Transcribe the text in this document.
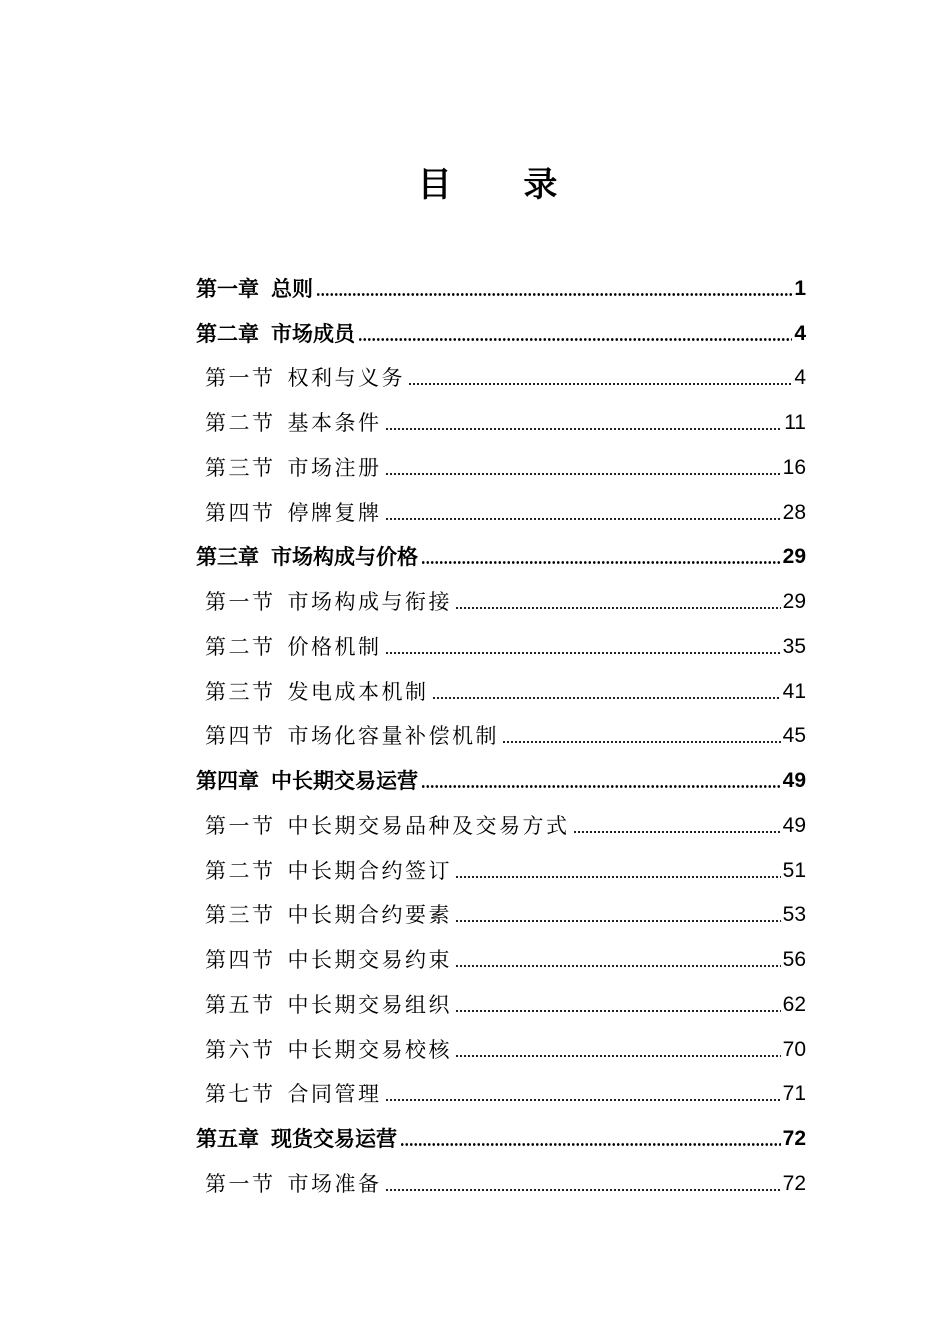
目 录
第一章 总则	1
第二章 市场成员	4
第一节 权利与义务	4
第二节 基本条件	11
第三节 市场注册	16
第四节 停牌复牌	28
第三章 市场构成与价格	29
第一节 市场构成与衔接	29
第二节 价格机制	35
第三节 发电成本机制	41
第四节 市场化容量补偿机制	45
第四章 中长期交易运营	49
第一节 中长期交易品种及交易方式	49
第二节 中长期合约签订	51
第三节 中长期合约要素	53
第四节 中长期交易约束	56
第五节 中长期交易组织	62
第六节 中长期交易校核	70
第七节 合同管理	71
第五章 现货交易运营	72
第一节 市场准备	72
